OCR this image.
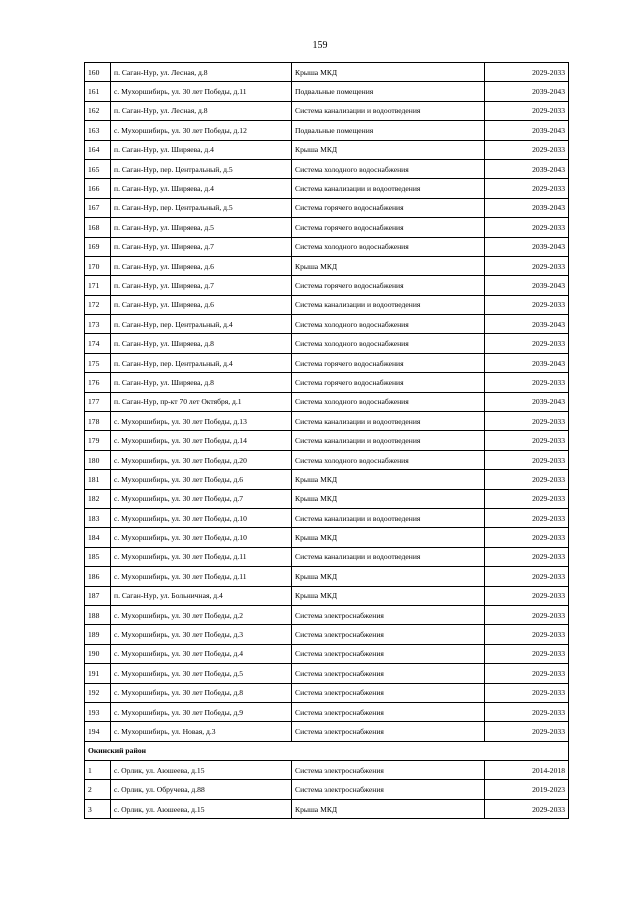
159
160	п. Саган-Нур, ул. Лесная, д.8	Крыша МКД	2029-2033
161	с. Мухоршибирь, ул. 30 лет Победы, д.11	Подвальные помещения	2039-2043
162	п. Саган-Нур, ул. Лесная, д.8	Система канализации и водоотведения	2029-2033
163	с. Мухоршибирь, ул. 30 лет Победы, д.12	Подвальные помещения	2039-2043
164	п. Саган-Нур, ул. Ширяева, д.4	Крыша МКД	2029-2033
165	п. Саган-Нур, пер. Центральный, д.5	Система холодного водоснабжения	2039-2043
166	п. Саган-Нур, ул. Ширяева, д.4	Система канализации и водоотведения	2029-2033
167	п. Саган-Нур, пер. Центральный, д.5	Система горячего водоснабжения	2039-2043
168	п. Саган-Нур, ул. Ширяева, д.5	Система горячего водоснабжения	2029-2033
169	п. Саган-Нур, ул. Ширяева, д.7	Система холодного водоснабжения	2039-2043
170	п. Саган-Нур, ул. Ширяева, д.6	Крыша МКД	2029-2033
171	п. Саган-Нур, ул. Ширяева, д.7	Система горячего водоснабжения	2039-2043
172	п. Саган-Нур, ул. Ширяева, д.6	Система канализации и водоотведения	2029-2033
173	п. Саган-Нур, пер. Центральный, д.4	Система холодного водоснабжения	2039-2043
174	п. Саган-Нур, ул. Ширяева, д.8	Система холодного водоснабжения	2029-2033
175	п. Саган-Нур, пер. Центральный, д.4	Система горячего водоснабжения	2039-2043
176	п. Саган-Нур, ул. Ширяева, д.8	Система горячего водоснабжения	2029-2033
177	п. Саган-Нур, пр-кт 70 лет Октября, д.1	Система холодного водоснабжения	2039-2043
178	с. Мухоршибирь, ул. 30 лет Победы, д.13	Система канализации и водоотведения	2029-2033
179	с. Мухоршибирь, ул. 30 лет Победы, д.14	Система канализации и водоотведения	2029-2033
180	с. Мухоршибирь, ул. 30 лет Победы, д.20	Система холодного водоснабжения	2029-2033
181	с. Мухоршибирь, ул. 30 лет Победы, д.6	Крыша МКД	2029-2033
182	с. Мухоршибирь, ул. 30 лет Победы, д.7	Крыша МКД	2029-2033
183	с. Мухоршибирь, ул. 30 лет Победы, д.10	Система канализации и водоотведения	2029-2033
184	с. Мухоршибирь, ул. 30 лет Победы, д.10	Крыша МКД	2029-2033
185	с. Мухоршибирь, ул. 30 лет Победы, д.11	Система канализации и водоотведения	2029-2033
186	с. Мухоршибирь, ул. 30 лет Победы, д.11	Крыша МКД	2029-2033
187	п. Саган-Нур, ул. Больничная, д.4	Крыша МКД	2029-2033
188	с. Мухоршибирь, ул. 30 лет Победы, д.2	Система электроснабжения	2029-2033
189	с. Мухоршибирь, ул. 30 лет Победы, д.3	Система электроснабжения	2029-2033
190	с. Мухоршибирь, ул. 30 лет Победы, д.4	Система электроснабжения	2029-2033
191	с. Мухоршибирь, ул. 30 лет Победы, д.5	Система электроснабжения	2029-2033
192	с. Мухоршибирь, ул. 30 лет Победы, д.8	Система электроснабжения	2029-2033
193	с. Мухоршибирь, ул. 30 лет Победы, д.9	Система электроснабжения	2029-2033
194	с. Мухоршибирь, ул. Новая, д.3	Система электроснабжения	2029-2033
Окинский район			
1	с. Орлик, ул. Аюшеева, д.15	Система электроснабжения	2014-2018
2	с. Орлик, ул. Обручева, д.88	Система электроснабжения	2019-2023
3	с. Орлик, ул. Аюшеева, д.15	Крыша МКД	2029-2033
